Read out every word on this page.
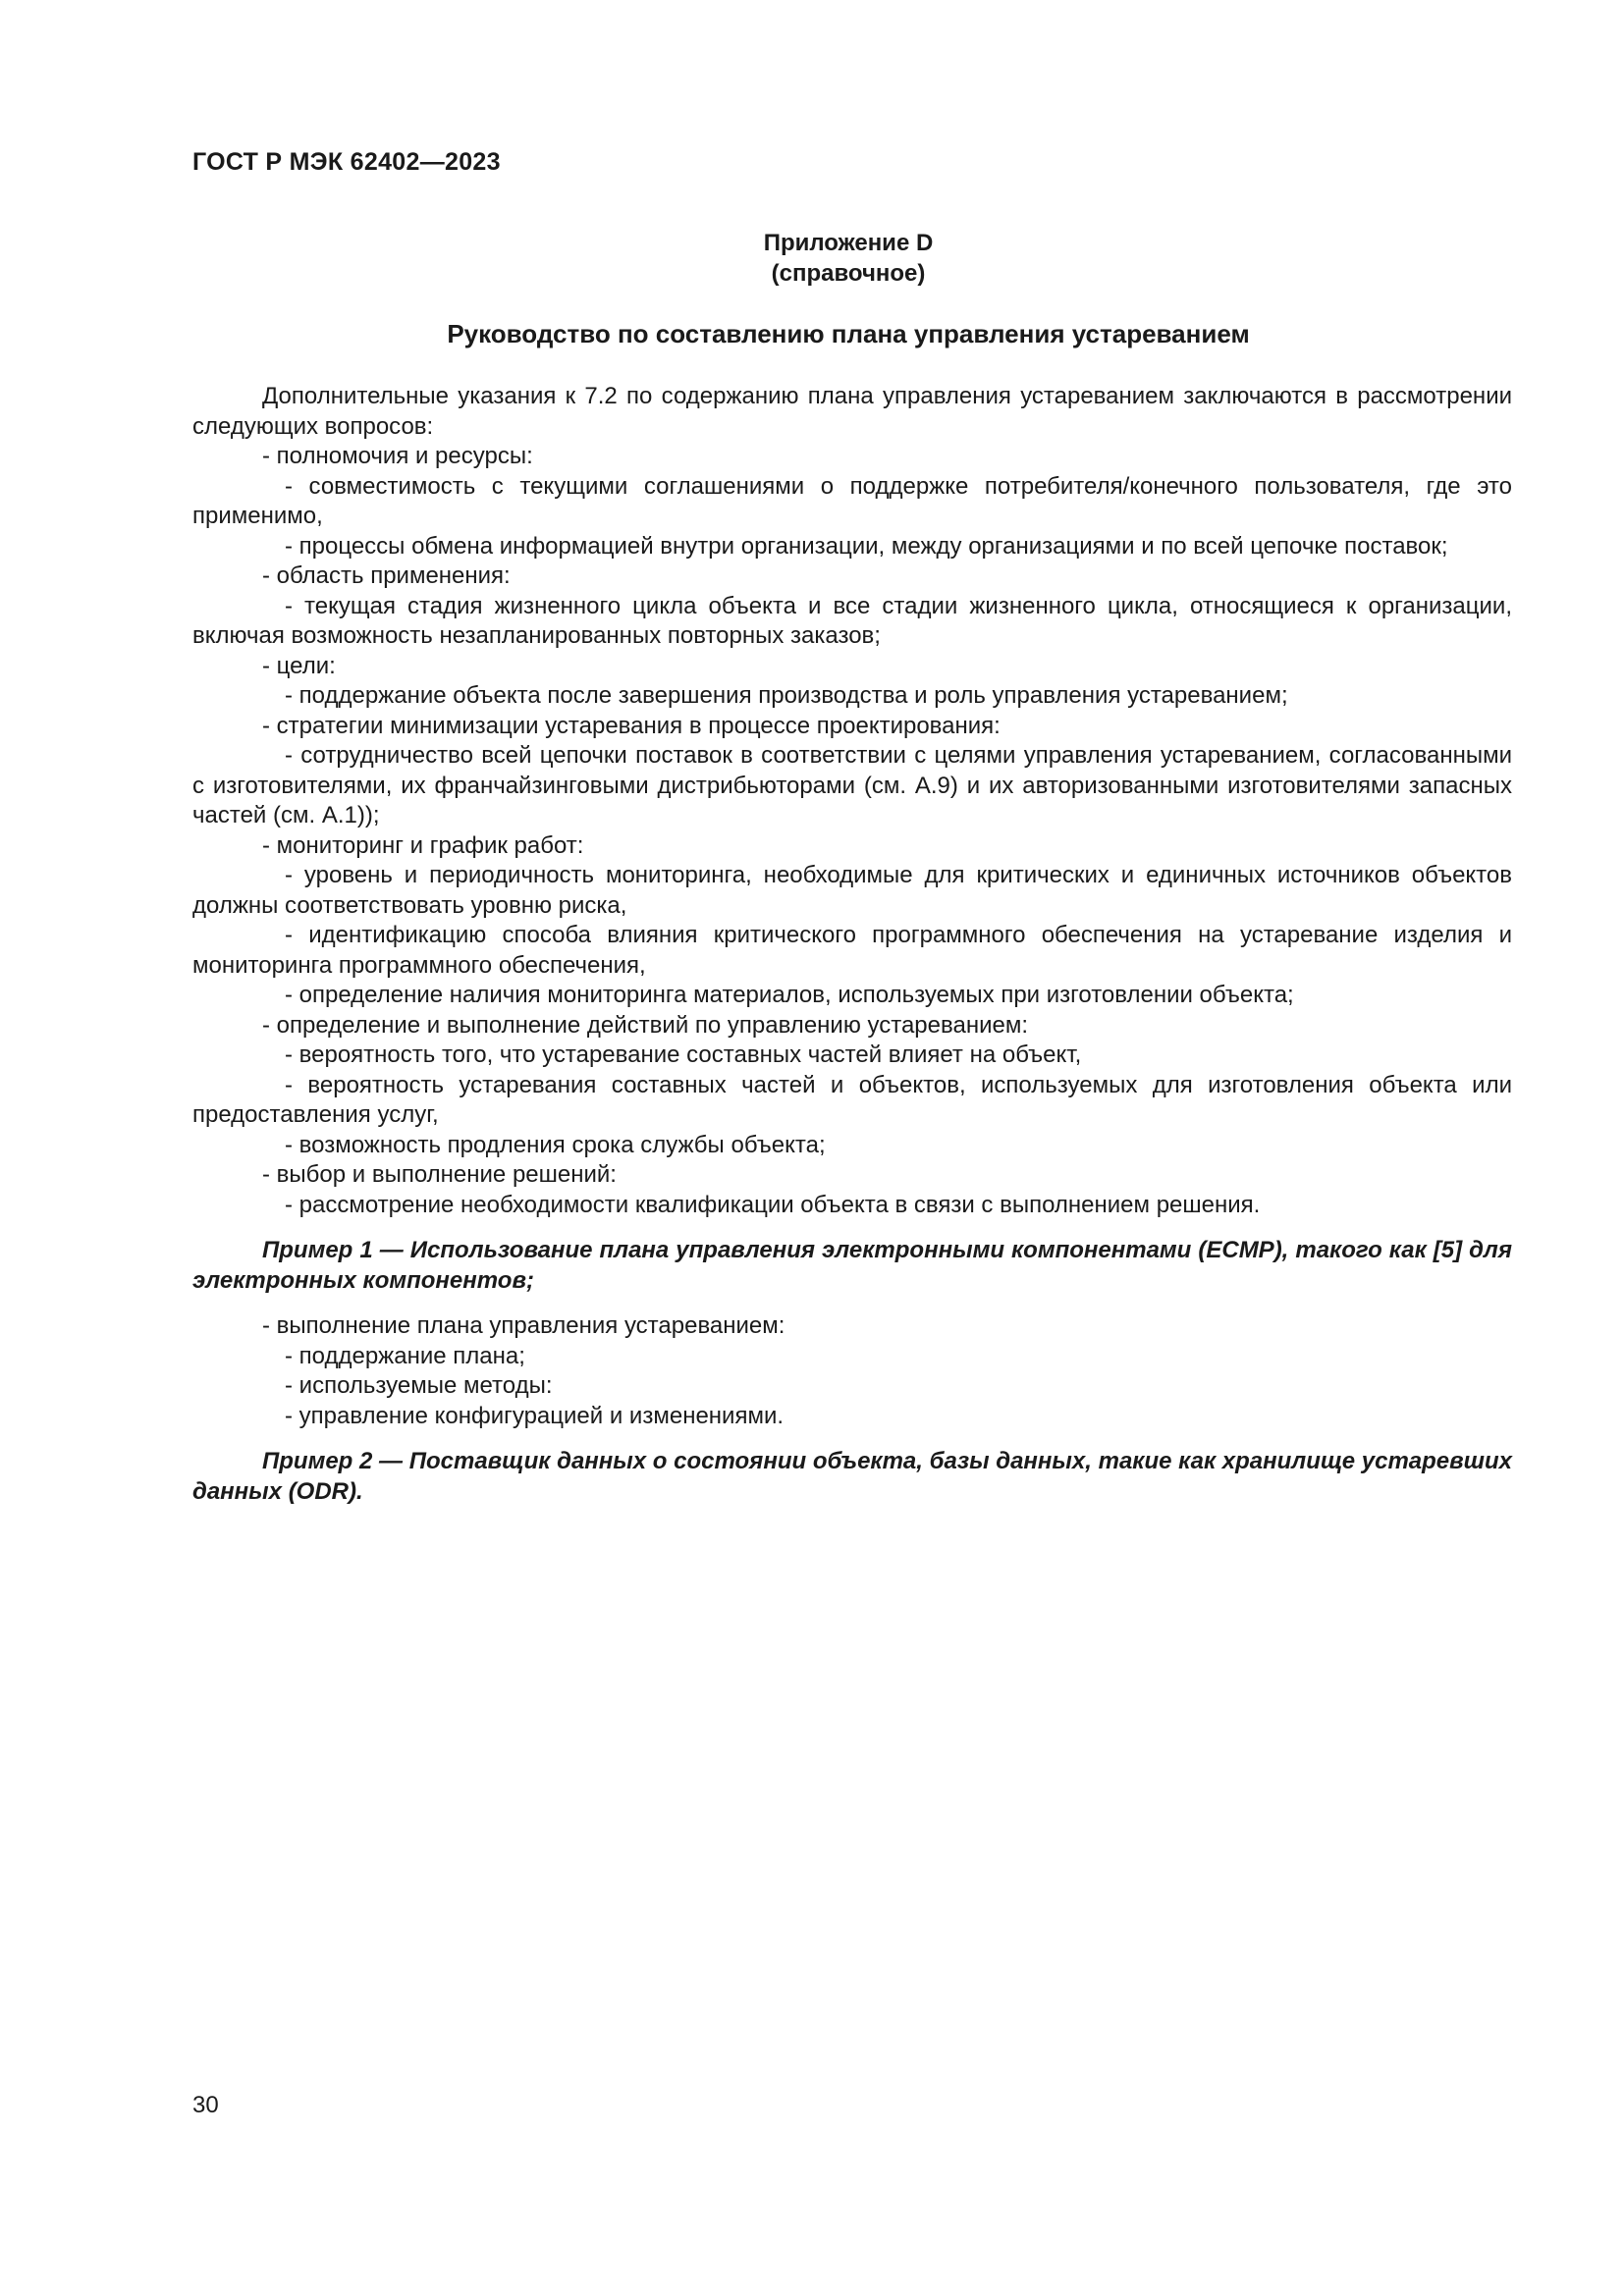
ГОСТ Р МЭК 62402—2023
Приложение D
(справочное)
Руководство по составлению плана управления устареванием

Дополнительные указания к 7.2 по содержанию плана управления устареванием заключаются в рассмотрении следующих вопросов:

- полномочия и ресурсы:

- совместимость с текущими соглашениями о поддержке потребителя/конечного пользователя, где это применимо,

- процессы обмена информацией внутри организации, между организациями и по всей цепочке поставок;

- область применения:

- текущая стадия жизненного цикла объекта и все стадии жизненного цикла, относящиеся к организации, включая возможность незапланированных повторных заказов;

- цели:

- поддержание объекта после завершения производства и роль управления устареванием;

- стратегии минимизации устаревания в процессе проектирования:

- сотрудничество всей цепочки поставок в соответствии с целями управления устареванием, согласованными с изготовителями, их франчайзинговыми дистрибьюторами (см. А.9) и их авторизованными изготовителями запасных частей (см. А.1));

- мониторинг и график работ:

- уровень и периодичность мониторинга, необходимые для критических и единичных источников объектов должны соответствовать уровню риска,

- идентификацию способа влияния критического программного обеспечения на устаревание изделия и мониторинга программного обеспечения,

- определение наличия мониторинга материалов, используемых при изготовлении объекта;

- определение и выполнение действий по управлению устареванием:

- вероятность того, что устаревание составных частей влияет на объект,

- вероятность устаревания составных частей и объектов, используемых для изготовления объекта или предоставления услуг,

- возможность продления срока службы объекта;

- выбор и выполнение решений:

- рассмотрение необходимости квалификации объекта в связи с выполнением решения.

Пример 1 — Использование плана управления электронными компонентами (ECMP), такого как [5] для электронных компонентов;

- выполнение плана управления устареванием:

- поддержание плана;

- используемые методы:

- управление конфигурацией и изменениями.

Пример 2 — Поставщик данных о состоянии объекта, базы данных, такие как хранилище устаревших данных (ODR).

30
